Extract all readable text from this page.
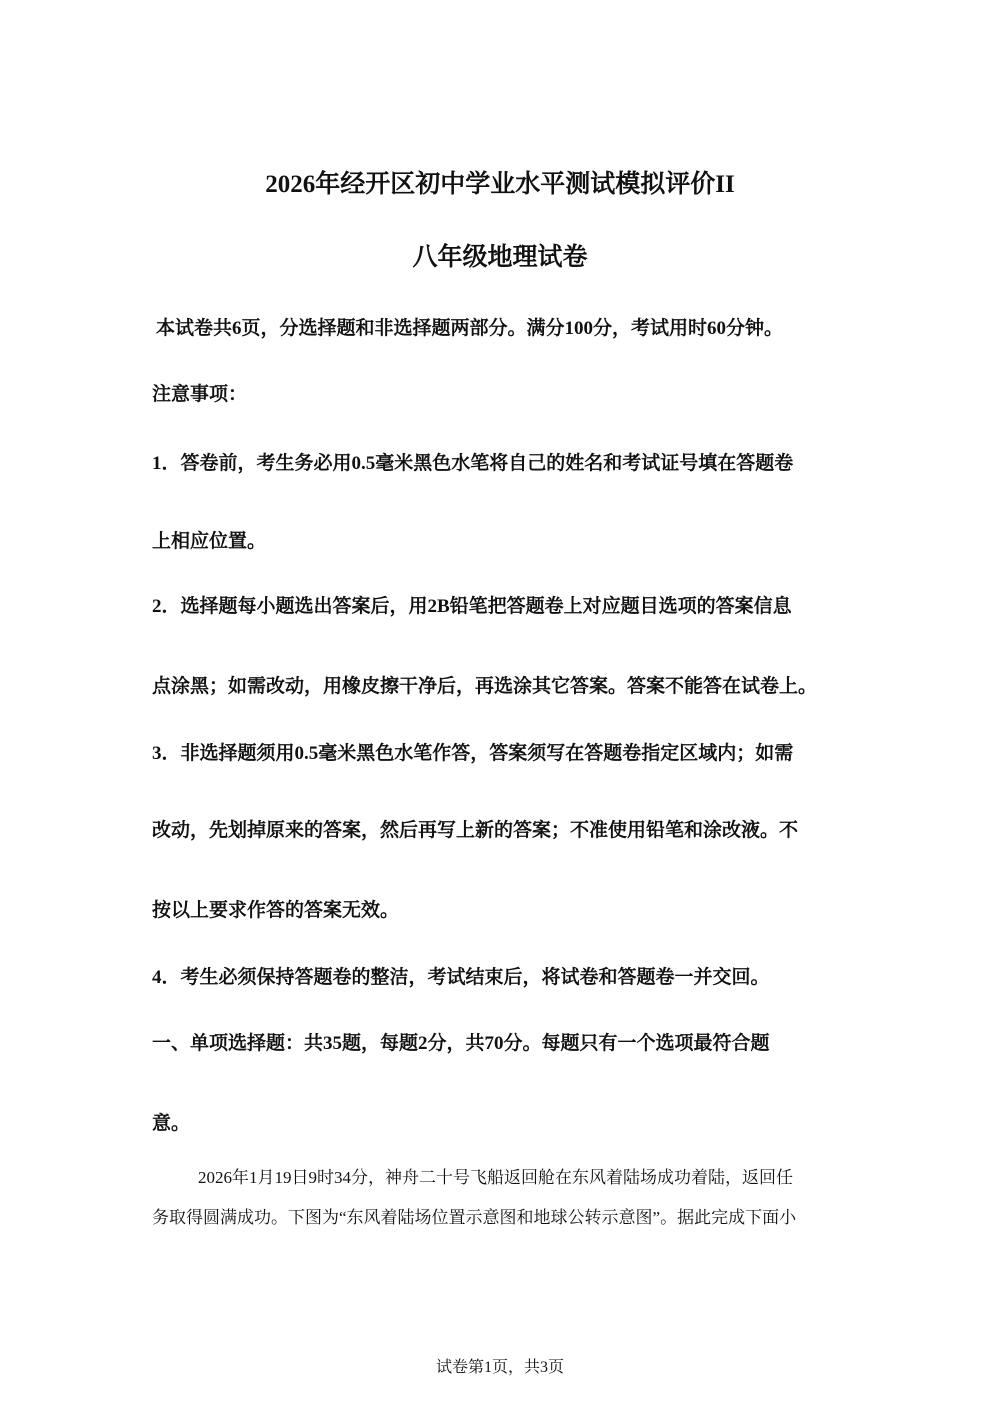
2026年经开区初中学业水平测试模拟评价II
八年级地理试卷
本试卷共6页，分选择题和非选择题两部分。满分100分，考试用时60分钟。
注意事项：
1．答卷前，考生务必用0.5毫米黑色水笔将自己的姓名和考试证号填在答题卷
上相应位置。
2．选择题每小题选出答案后，用2B铅笔把答题卷上对应题目选项的答案信息
点涂黑；如需改动，用橡皮擦干净后，再选涂其它答案。答案不能答在试卷上。
3．非选择题须用0.5毫米黑色水笔作答，答案须写在答题卷指定区域内；如需
改动，先划掉原来的答案，然后再写上新的答案；不准使用铅笔和涂改液。不
按以上要求作答的答案无效。
4．考生必须保持答题卷的整洁，考试结束后，将试卷和答题卷一并交回。
一、单项选择题：共35题，每题2分，共70分。每题只有一个选项最符合题
意。
2026年1月19日9时34分，神舟二十号飞船返回舱在东风着陆场成功着陆，返回任
务取得圆满成功。下图为“东风着陆场位置示意图和地球公转示意图”。据此完成下面小
试卷第1页，共3页
